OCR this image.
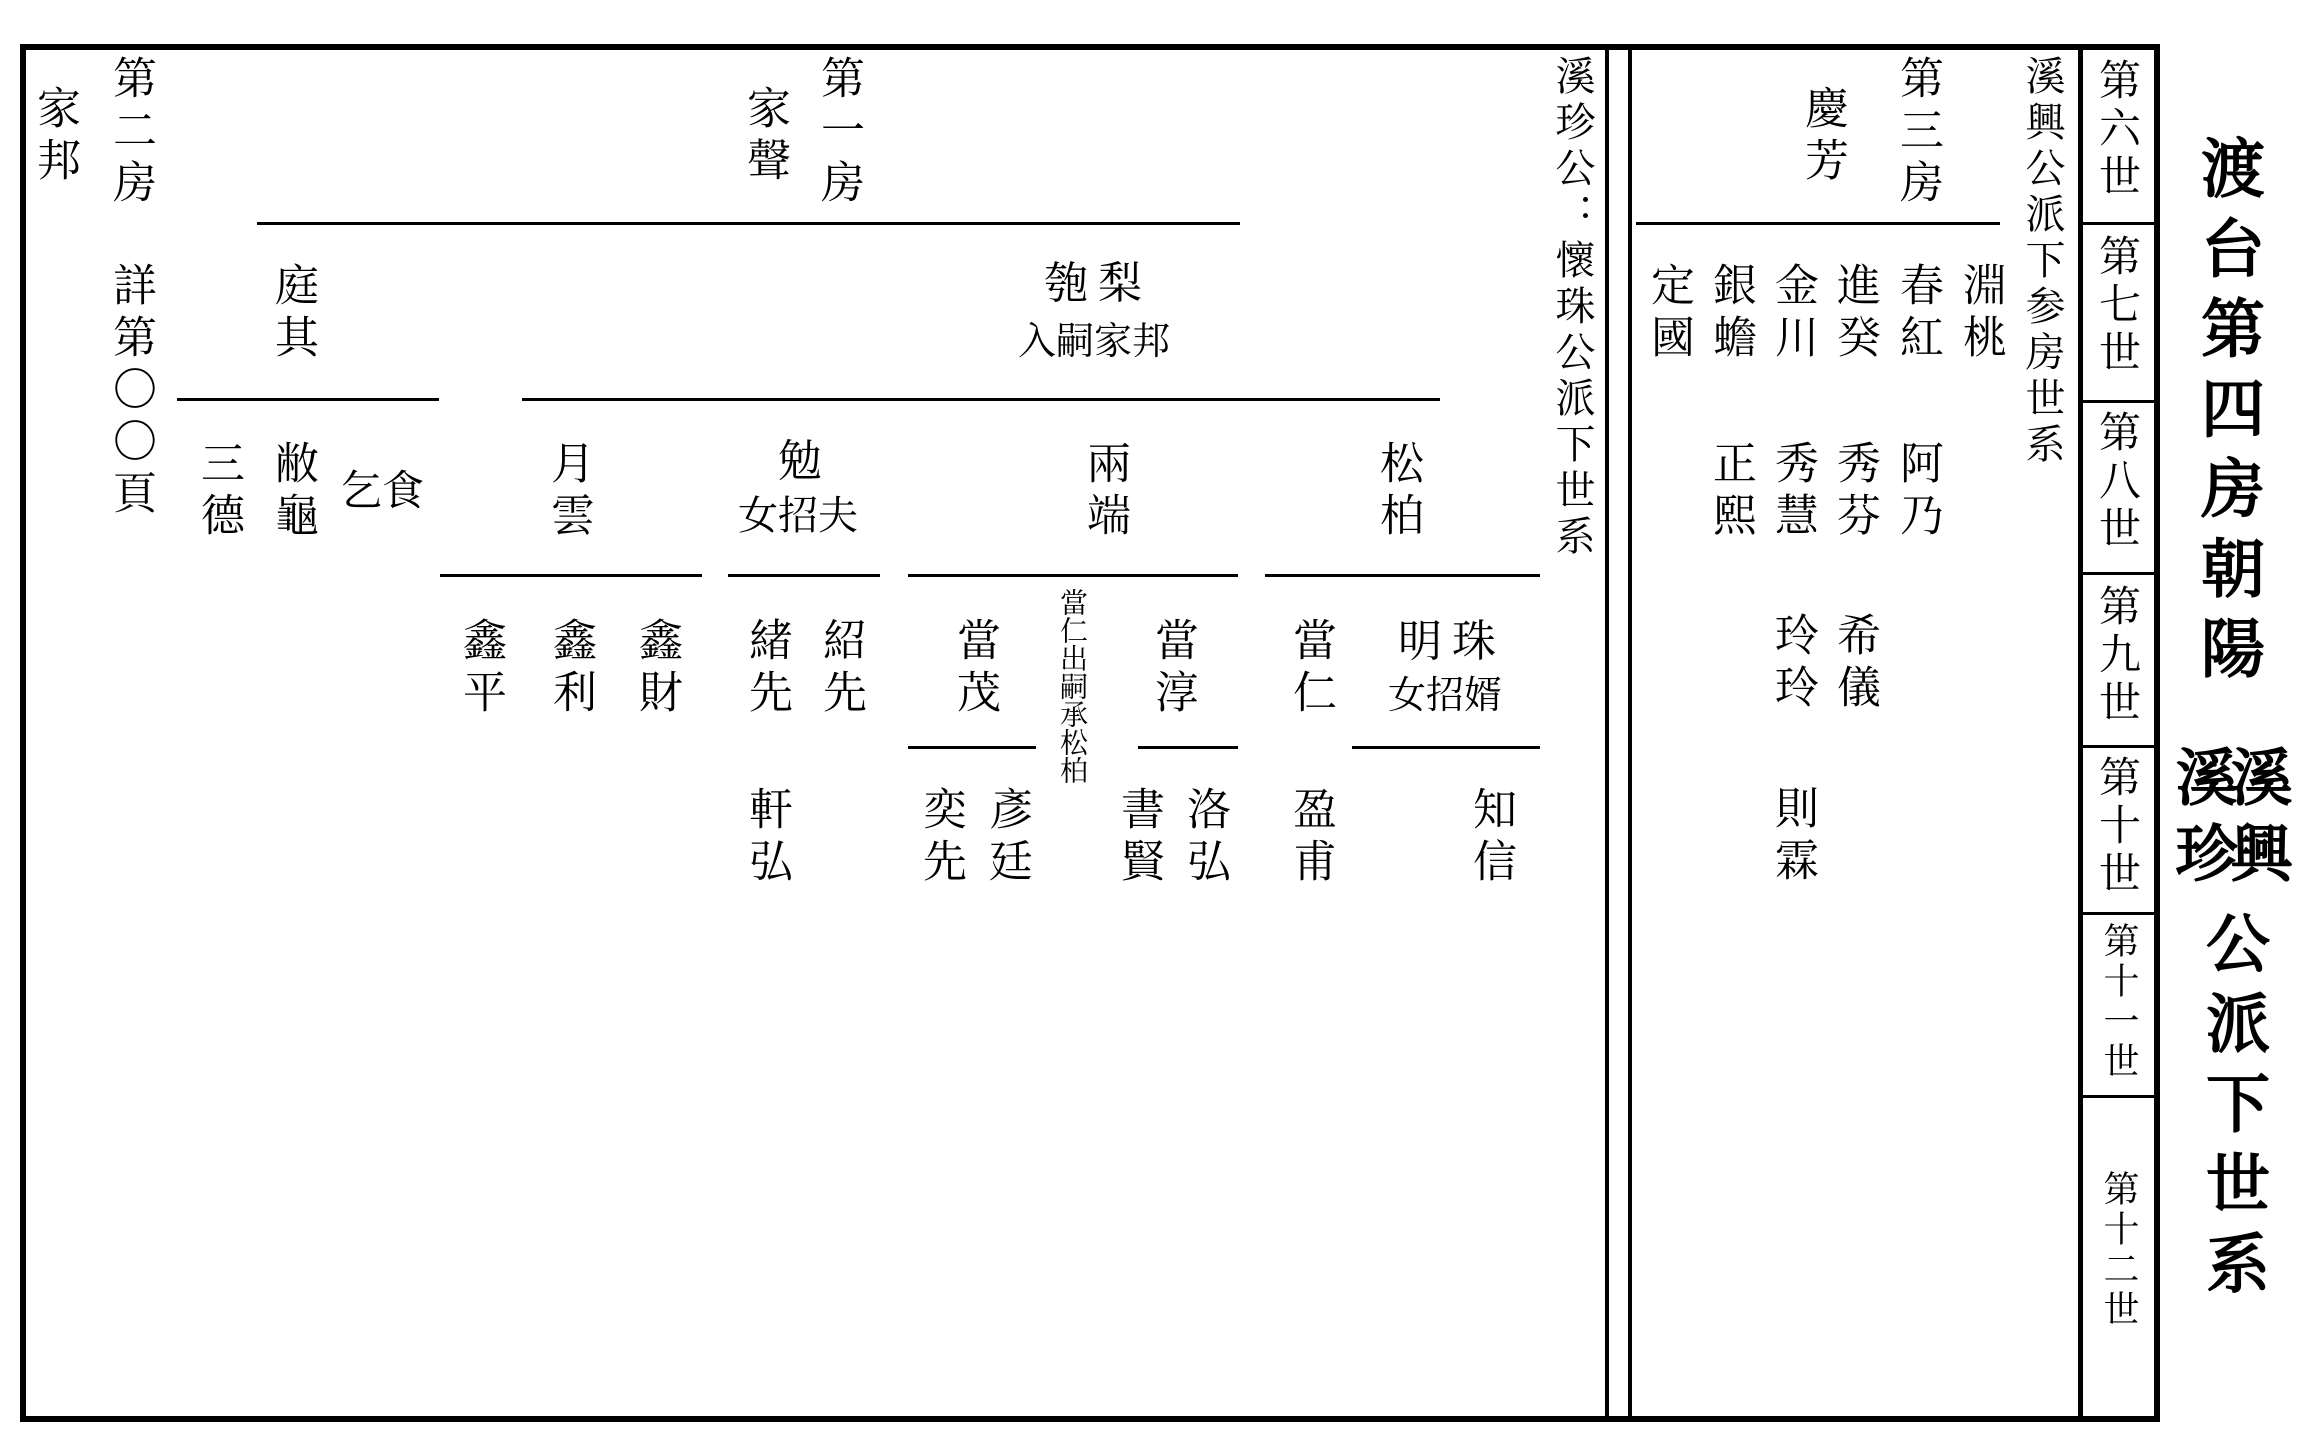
渡台第四房朝陽
溪興
溪珍
公派下世系
第六世
第七世
第八世
第九世
第十世
第十一世
第十二世
溪興公派下参房世系
第三房
慶芳
淵桃
春紅
進癸
金川
銀蟾
定國
阿乃
秀芬
秀慧
正熙
希儀
玲玲
則霖
溪珍公：懷珠公派下世系
第一房
家聲
第二房
家邦
詳第〇〇頁	匏梨
入嗣家邦
庭其
松柏
兩端
勉
女招夫
月雲
乞食
敝龜
三德
明珠
女招婿
當仁
當淳
當仁出嗣承松柏
當茂
紹先
緒先
鑫財
鑫利
鑫平
知信
盈甫
洛弘
書賢
彥廷
奕先
軒弘
